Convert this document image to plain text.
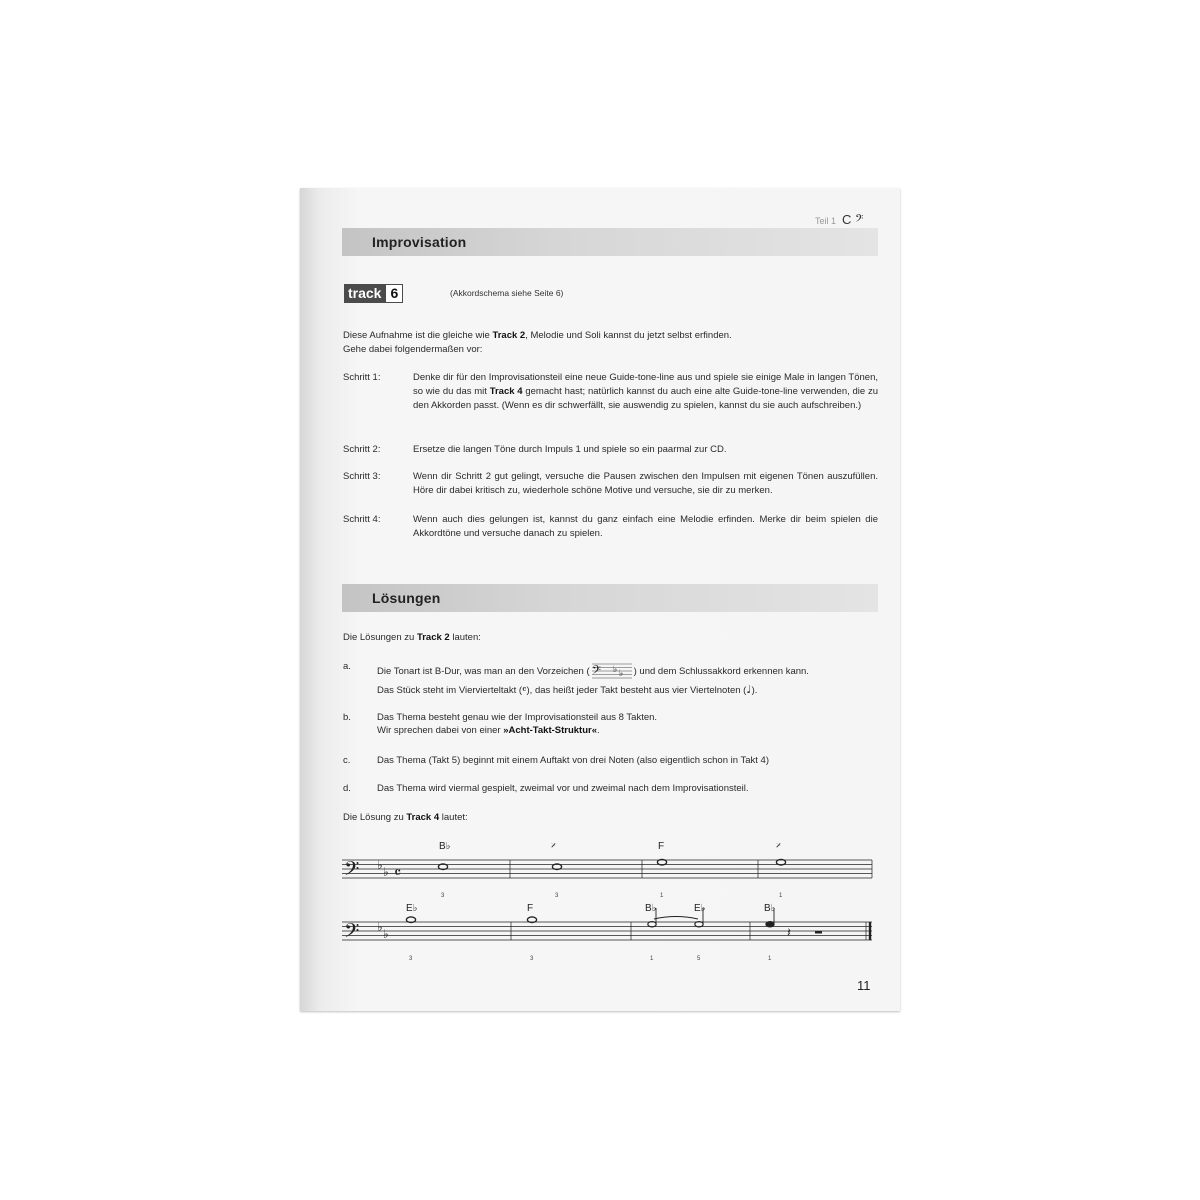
Teil 1 C 𝄢
Improvisation
track 6	(Akkordschema siehe Seite 6)
Diese Aufnahme ist die gleiche wie Track 2, Melodie und Soli kannst du jetzt selbst erfinden.
Gehe dabei folgendermaßen vor:
Schritt 1:	Denke dir für den Improvisationsteil eine neue Guide-tone-line aus und spiele sie einige Male in langen Tönen, so wie du das mit Track 4 gemacht hast; natürlich kannst du auch eine alte Guide-tone-line verwenden, die zu den Akkorden passt. (Wenn es dir schwerfällt, sie auswendig zu spielen, kannst du sie auch aufschreiben.)
Schritt 2:	Ersetze die langen Töne durch Impuls 1 und spiele so ein paarmal zur CD.
Schritt 3:	Wenn dir Schritt 2 gut gelingt, versuche die Pausen zwischen den Impulsen mit eigenen Tönen auszufüllen. Höre dir dabei kritisch zu, wiederhole schöne Motive und versuche, sie dir zu merken.
Schritt 4:	Wenn auch dies gelungen ist, kannst du ganz einfach eine Melodie erfinden. Merke dir beim spielen die Akkordtöne und versuche danach zu spielen.
Lösungen
Die Lösungen zu Track 2 lauten:
a.	Die Tonart ist B-Dur, was man an den Vorzeichen ( 𝄢 ♭ ♭ ) und dem Schlussakkord erkennen kann.
Das Stück steht im Viervierteltakt (𝄴), das heißt jeder Takt besteht aus vier Viertelnoten (♩).
b.	Das Thema besteht genau wie der Improvisationsteil aus 8 Takten.
Wir sprechen dabei von einer »Acht-Takt-Struktur«.
c.	Das Thema (Takt 5) beginnt mit einem Auftakt von drei Noten (also eigentlich schon in Takt 4)
d.	Das Thema wird viermal gespielt, zweimal vor und zweimal nach dem Improvisationsteil.
Die Lösung zu Track 4 lautet:
𝄢 ♭ ♭ 𝄴
B♭	𝄎	F	𝄎
3	3	1	1
𝄢 ♭ ♭
E♭	F	B♭	E♭	B♭
𝄽
3	3	1	5	1
11
